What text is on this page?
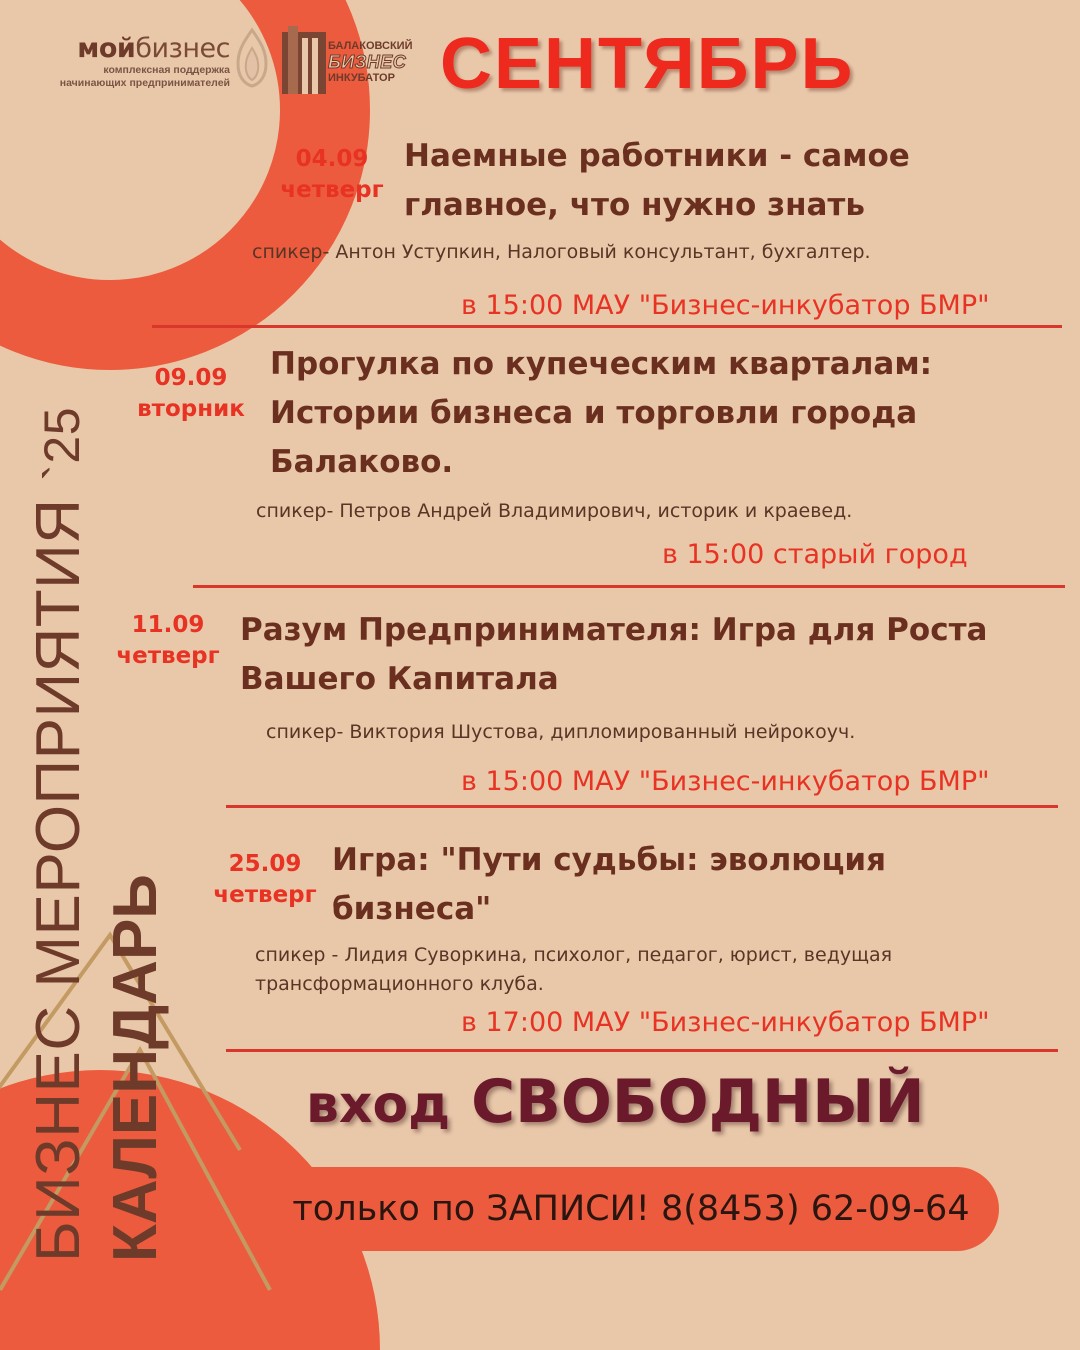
мойбизнес
комплексная поддержка
начинающих предпринимателей
БАЛАКОВСКИЙ
БИЗНЕС
ИНКУБАТОР СЕНТЯБРЬ
БИЗНЕС МЕРОПРИЯТИЯ `25
КАЛЕНДАРЬ
04.09
четверг
Наемные работники - самое
главное, что нужно знать
спикер- Антон Уступкин, Налоговый консультант, бухгалтер.
в 15:00 МАУ "Бизнес-инкубатор БМР"
09.09
вторник
Прогулка по купеческим кварталам:
Истории бизнеса и торговли города
Балаково.
спикер- Петров Андрей Владимирович, историк и краевед.
в 15:00 старый город
11.09
четверг
Разум Предпринимателя: Игра для Роста
Вашего Капитала
спикер- Виктория Шустова, дипломированный нейрокоуч.
в 15:00 МАУ "Бизнес-инкубатор БМР"
25.09
четверг
Игра: "Пути судьбы: эволюция
бизнеса"
спикер - Лидия Суворкина, психолог, педагог, юрист, ведущая
трансформационного клуба.
в 17:00 МАУ "Бизнес-инкубатор БМР"
вход СВОБОДНЫЙ
только по ЗАПИСИ! 8(8453) 62-09-64
